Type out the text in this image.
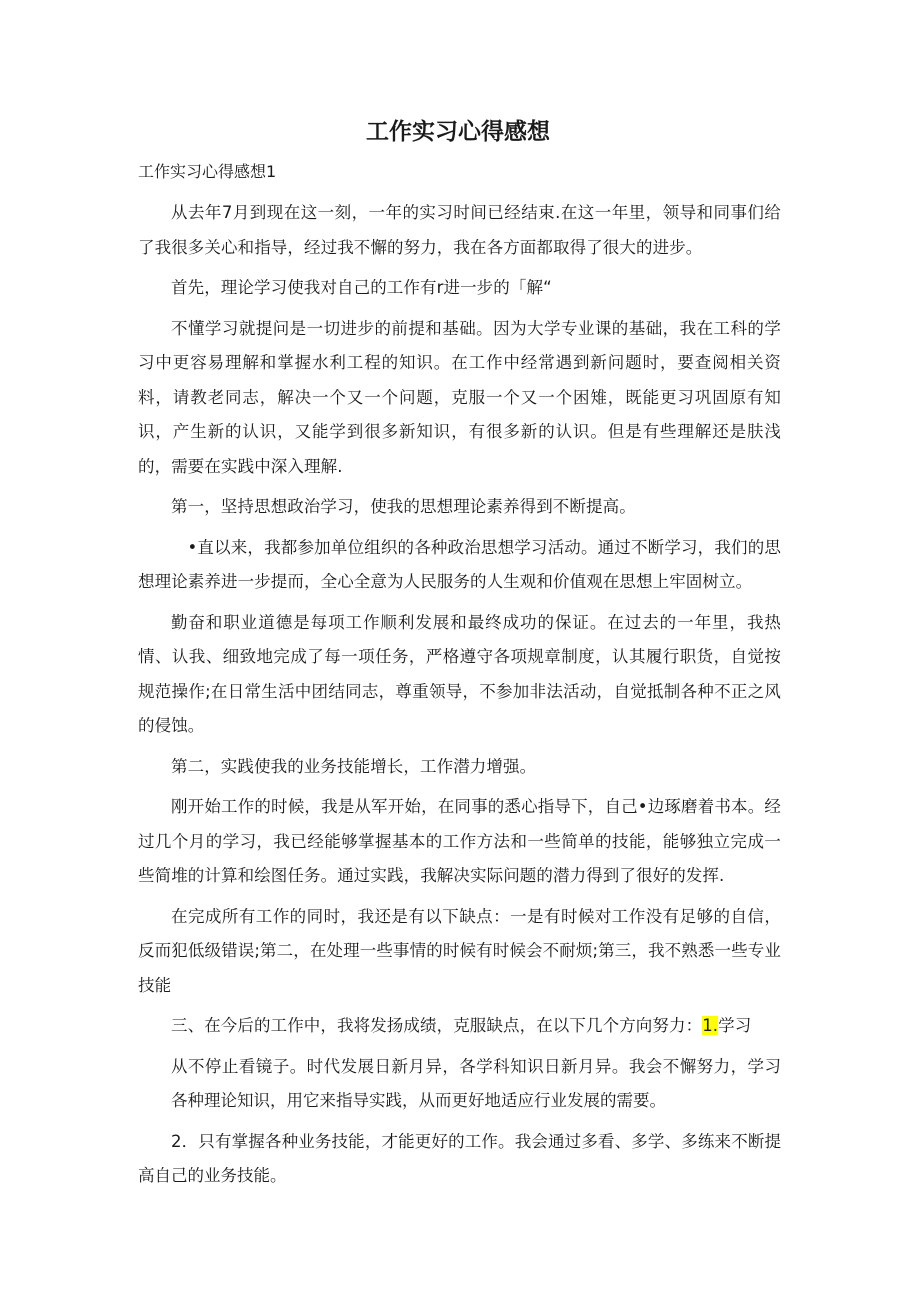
工作实习心得感想
工作实习心得感想1

从去年7月到现在这一刻，一年的实习时间已经结束.在这一年里，领导和同事们给了我很多关心和指导，经过我不懈的努力，我在各方面都取得了很大的进步。

首先，理论学习使我对自己的工作有r进一步的「解“

不懂学习就提问是一切进步的前提和基础。因为大学专业课的基础，我在工科的学习中更容易理解和掌握水利工程的知识。在工作中经常遇到新问题时，要查阅相关资料，请教老同志，解决一个又一个问题，克服一个又一个困雉，既能更习巩固原有知识，产生新的认识，又能学到很多新知识，有很多新的认识。但是有些理解还是肤浅的，需要在实践中深入理解.

第一，坚持思想政治学习，使我的思想理论素养得到不断提高。

•直以来，我都参加单位组织的各种政治思想学习活动。通过不断学习，我们的思想理论素养进一步提而，全心全意为人民服务的人生观和价值观在思想上牢固树立。

勤奋和职业道德是每项工作顺利发展和最终成功的保证。在过去的一年里，我热情、认我、细致地完成了每一项任务，严格遵守各项规章制度，认其履行职货，自觉按规范操作;在日常生活中团结同志，尊重领导，不参加非法活动，自觉抵制各种不正之风的侵蚀。

第二，实践使我的业务技能增长，工作潜力增强。

刚开始工作的时候，我是从军开始，在同事的悉心指导下，自己•边琢磨着书本。经过几个月的学习，我已经能够掌握基本的工作方法和一些简单的技能，能够独立完成一些简堆的计算和绘图任务。通过实践，我解决实际问题的潜力得到了很好的发挥.

在完成所有工作的同时，我还是有以下缺点：一是有时候对工作没有足够的自信，反而犯低级错误;第二，在处理一些事情的时候有时候会不耐烦;第三，我不熟悉一些专业技能

三、在今后的工作中，我将发扬成绩，克服缺点，在以下几个方向努力：1.学习

从不停止看镜子。时代发展日新月异，各学科知识日新月异。我会不懈努力，学习各种理论知识，用它来指导实践，从而更好地适应行业发展的需要。

2．只有掌握各种业务技能，才能更好的工作。我会通过多看、多学、多练来不断提高自己的业务技能。
